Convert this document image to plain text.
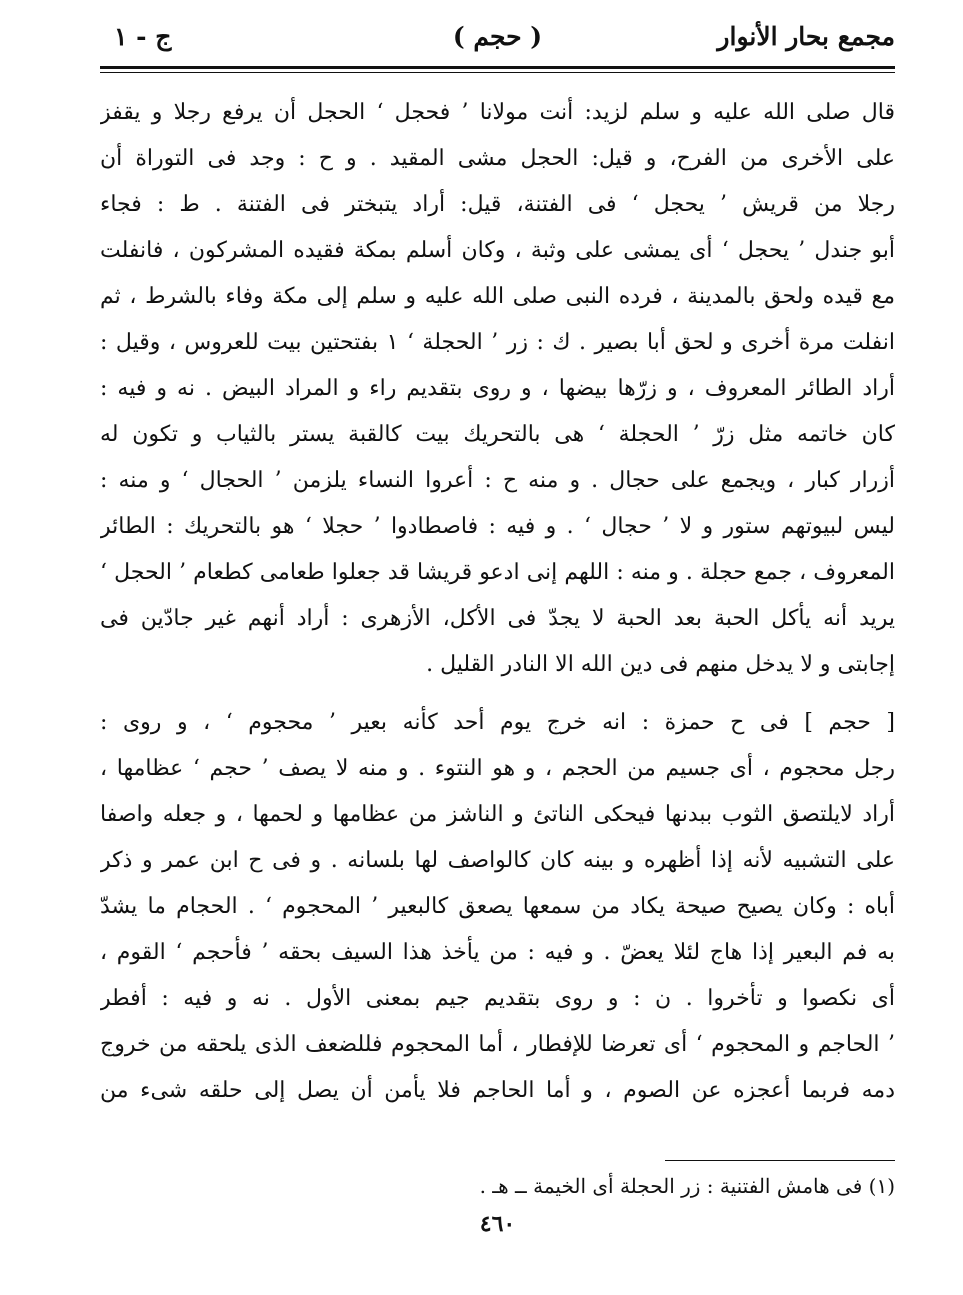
مجمع بحار الأنوار
( حجم )
ج - ١
قال صلى الله عليه و سلم لزيد: أنت مولانا ’ فحجل ‘ الحجل أن يرفع رجلا و يقفز
على الأخرى من الفرح، و قيل: الحجل مشى المقيد . و ح : وجد فى التوراة أن
رجلا من قريش ’ يحجل ‘ فى الفتنة، قيل: أراد يتبختر فى الفتنة . ط : فجاء
أبو جندل ’ يحجل ‘ أى يمشى على وثبة ، وكان أسلم بمكة فقيده المشركون ، فانفلت
مع قيده ولحق بالمدينة ، فرده النبى صلى الله عليه و سلم إلى مكة وفاء بالشرط ، ثم
انفلت مرة أخرى و لحق أبا بصير . ك : زر ’ الحجلة ‘ ١ بفتحتين بيت للعروس ، وقيل :
أراد الطائر المعروف ، و زرّها بيضها ، و روى بتقديم راء و المراد البيض . نه و فيه :
كان خاتمه مثل زرّ ’ الحجلة ‘ هى بالتحريك بيت كالقبة يستر بالثياب و تكون له
أزرار كبار ، ويجمع على حجال . و منه ح : أعروا النساء يلزمن ’ الحجال ‘ و منه :
ليس لبيوتهم ستور و لا ’ حجال ‘ . و فيه : فاصطادوا ’ حجلا ‘ هو بالتحريك : الطائر
المعروف ، جمع حجلة . و منه : اللهم إنى ادعو قريشا قد جعلوا طعامى كطعام ’ الحجل ‘
يريد أنه يأكل الحبة بعد الحبة لا يجدّ فى الأكل، الأزهرى : أراد أنهم غير جادّين فى
إجابتى و لا يدخل منهم فى دين الله الا النادر القليل .
[ حجم ] فى ح حمزة : انه خرج يوم أحد كأنه بعير ’ محجوم ‘ ، و روى :
رجل محجوم ، أى جسيم من الحجم ، و هو النتوء . و منه لا يصف ’ حجم ‘ عظامها ،
أراد لايلتصق الثوب ببدنها فيحكى الناتئ و الناشز من عظامها و لحمها ، و جعله واصفا
على التشبيه لأنه إذا أظهره و بينه كان كالواصف لها بلسانه . و فى ح ابن عمر و ذكر
أباه : وكان يصيح صيحة يكاد من سمعها يصعق كالبعير ’ المحجوم ‘ . الحجام ما يشدّ
به فم البعير إذا هاج لئلا يعضّ . و فيه : من يأخذ هذا السيف بحقه ’ فأحجم ‘ القوم ،
أى نكصوا و تأخروا . ن : و روى بتقديم جيم بمعنى الأول . نه و فيه : أفطر
’ الحاجم و المحجوم ‘ أى تعرضا للإفطار ، أما المحجوم فللضعف الذى يلحقه من خروج
دمه فربما أعجزه عن الصوم ، و أما الحاجم فلا يأمن أن يصل إلى حلقه شىء من
(١) فى هامش الفتنية : زر الحجلة أى الخيمة ــ هـ .
٤٦٠
